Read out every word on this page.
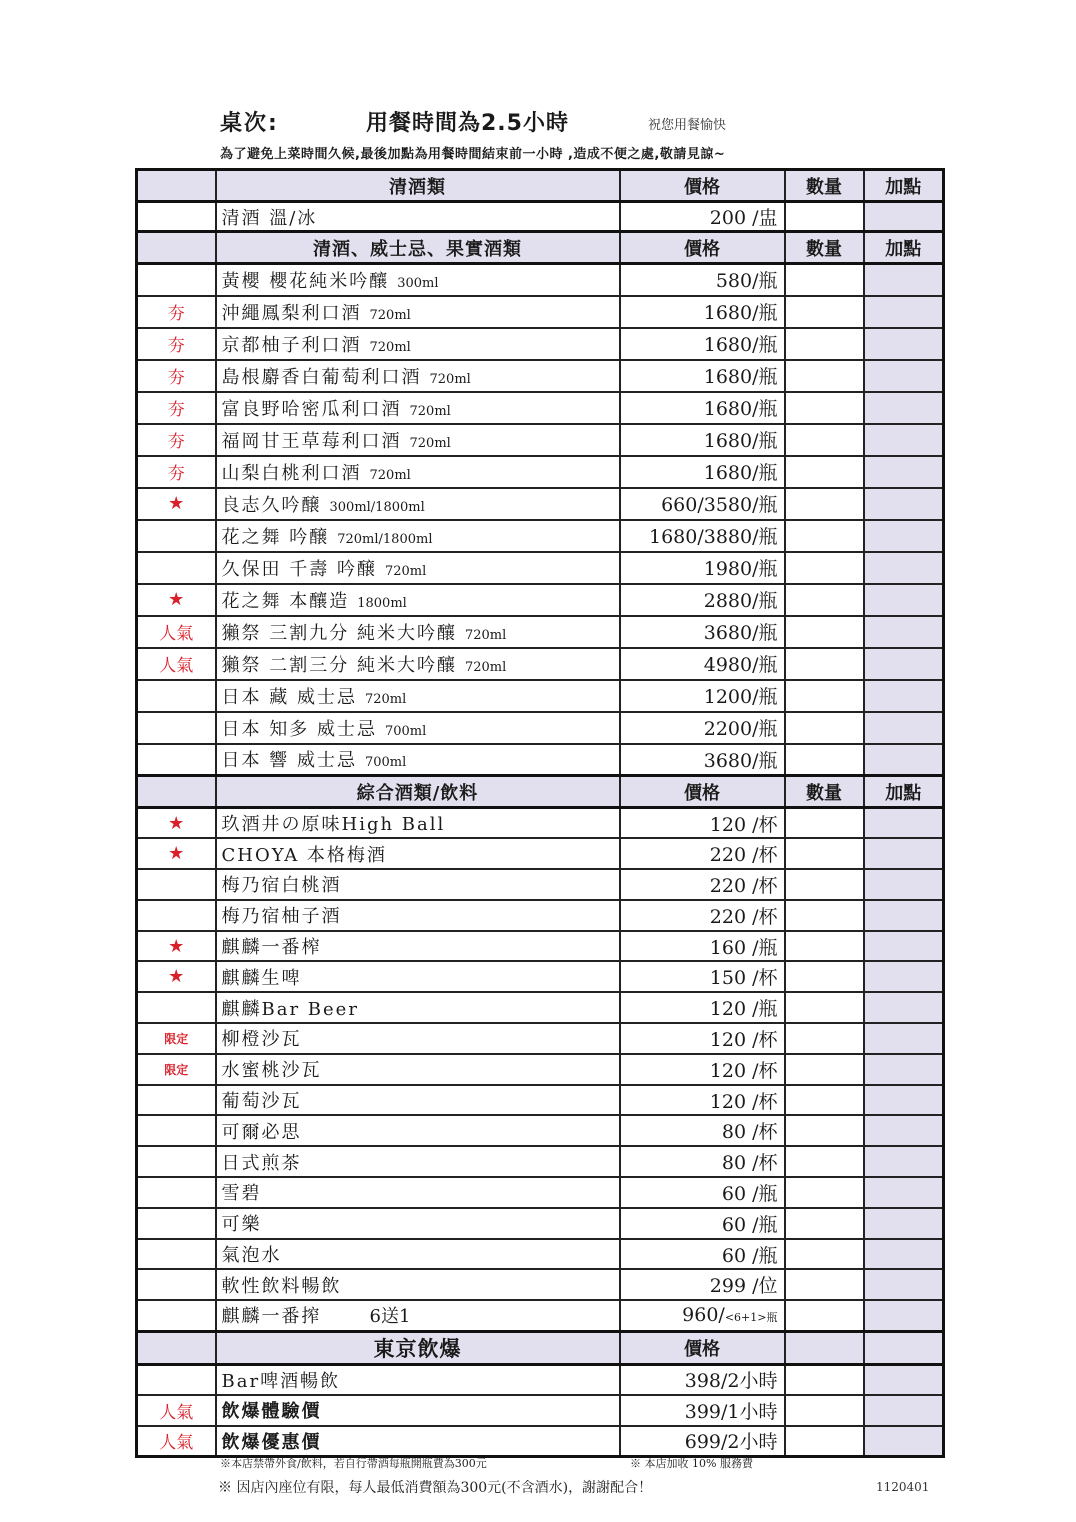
桌次:	用餐時間為2.5小時	祝您用餐愉快
為了避免上菜時間久候,最後加點為用餐時間結束前一小時 ,造成不便之處,敬請見諒~
	清酒類	價格	數量	加點
	清酒 溫/冰	200 /盅		
	清酒、威士忌、果實酒類	價格	數量	加點
	黃櫻 櫻花純米吟釀 300ml	580/瓶		
夯	沖繩鳳梨利口酒 720ml	1680/瓶		
夯	京都柚子利口酒 720ml	1680/瓶		
夯	島根麝香白葡萄利口酒 720ml	1680/瓶		
夯	富良野哈密瓜利口酒 720ml	1680/瓶		
夯	福岡甘王草莓利口酒 720ml	1680/瓶		
夯	山梨白桃利口酒 720ml	1680/瓶		
★	良志久吟醸 300ml/1800ml	660/3580/瓶		
	花之舞 吟醸 720ml/1800ml	1680/3880/瓶		
	久保田 千壽 吟醸 720ml	1980/瓶		
★	花之舞 本釀造 1800ml	2880/瓶		
人氣	獺祭 三割九分 純米大吟釀 720ml	3680/瓶		
人氣	獺祭 二割三分 純米大吟釀 720ml	4980/瓶		
	日本 藏 威士忌 720ml	1200/瓶		
	日本 知多 威士忌 700ml	2200/瓶		
	日本 響 威士忌 700ml	3680/瓶		
	綜合酒類/飲料	價格	數量	加點
★	玖酒井の原味High Ball	120 /杯		
★	CHOYA 本格梅酒	220 /杯		
	梅乃宿白桃酒	220 /杯		
	梅乃宿柚子酒	220 /杯		
★	麒麟一番榨	160 /瓶		
★	麒麟生啤	150 /杯		
	麒麟Bar Beer	120 /瓶		
限定	柳橙沙瓦	120 /杯		
限定	水蜜桃沙瓦	120 /杯		
	葡萄沙瓦	120 /杯		
	可爾必思	80 /杯		
	日式煎茶	80 /杯		
	雪碧	60 /瓶		
	可樂	60 /瓶		
	氣泡水	60 /瓶		
	軟性飲料暢飲	299 /位		
	麒麟一番搾 6送1	960/<6+1>瓶		
	東京飲爆	價格		
	Bar啤酒暢飲	398/2小時		
人氣	飲爆體驗價	399/1小時		
人氣	飲爆優惠價	699/2小時		
※本店禁帶外食/飲料，若自行帶酒每瓶開瓶費為300元	※ 本店加收 10% 服務費
※ 因店內座位有限，每人最低消費額為300元(不含酒水)，謝謝配合！	1120401
